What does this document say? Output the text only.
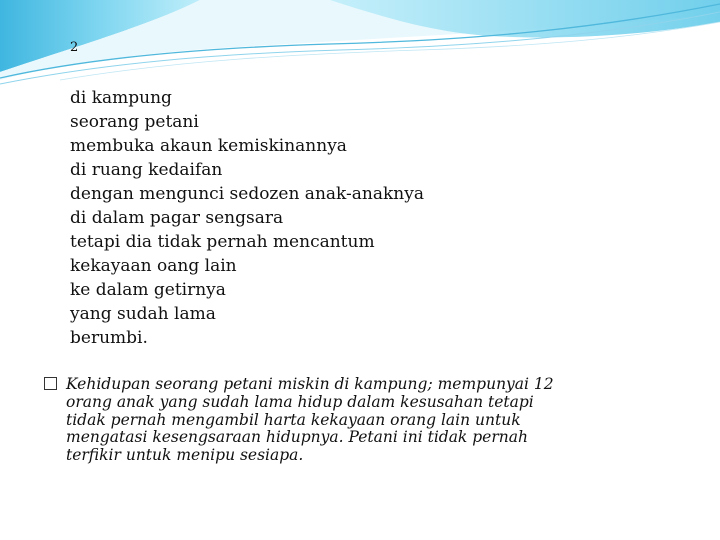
2

di kampung
seorang petani
membuka akaun kemiskinannya
di ruang kedaifan
dengan mengunci sedozen anak-anaknya
di dalam pagar sengsara
tetapi dia tidak pernah mencantum
kekayaan oang lain
ke dalam getirnya
yang sudah lama
berumbi.

Kehidupan seorang petani miskin di kampung; mempunyai 12
orang anak yang sudah lama hidup dalam kesusahan tetapi
tidak pernah mengambil harta kekayaan orang lain untuk
mengatasi kesengsaraan hidupnya. Petani ini tidak pernah
terfikir untuk menipu sesiapa.
